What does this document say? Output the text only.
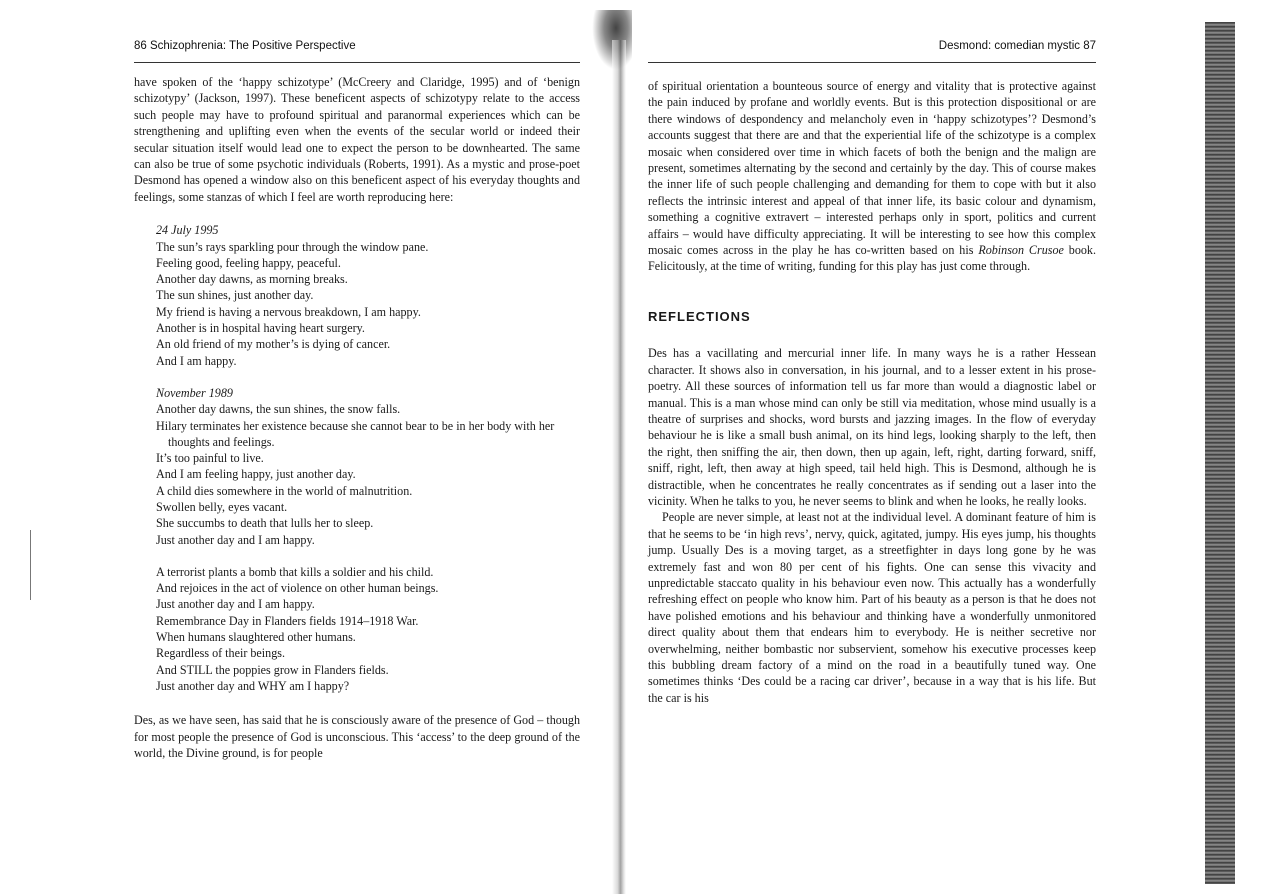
86 Schizophrenia: The Positive Perspective

have spoken of the ‘happy schizotype’ (McCreery and Claridge, 1995) and of ‘benign schizotypy’ (Jackson, 1997). These beneficent aspects of schizotypy relate to the access such people may have to profound spiritual and paranormal experiences which can be strengthening and uplifting even when the events of the secular world or indeed their secular situation itself would lead one to expect the person to be downhearted. The same can also be true of some psychotic individuals (Roberts, 1991). As a mystic and prose-poet Desmond has opened a window also on this beneficent aspect of his everyday thoughts and feelings, some stanzas of which I feel are worth reproducing here:

24 July 1995
The sun’s rays sparkling pour through the window pane.
Feeling good, feeling happy, peaceful.
Another day dawns, as morning breaks.
The sun shines, just another day.
My friend is having a nervous breakdown, I am happy.
Another is in hospital having heart surgery.
An old friend of my mother’s is dying of cancer.
And I am happy.
November 1989
Another day dawns, the sun shines, the snow falls.
Hilary terminates her existence because she cannot bear to be in her body with her thoughts and feelings.
It’s too painful to live.
And I am feeling happy, just another day.
A child dies somewhere in the world of malnutrition.
Swollen belly, eyes vacant.
She succumbs to death that lulls her to sleep.
Just another day and I am happy.
A terrorist plants a bomb that kills a soldier and his child.
And rejoices in the act of violence on other human beings.
Just another day and I am happy.
Remembrance Day in Flanders fields 1914–1918 War.
When humans slaughtered other humans.
Regardless of their beings.
And STILL the poppies grow in Flanders fields.
Just another day and WHY am I happy?

Des, as we have seen, has said that he is consciously aware of the presence of God – though for most people the presence of God is unconscious. This ‘access’ to the deep ground of the world, the Divine ground, is for people

Desmond: comedian mystic 87

of spiritual orientation a bounteous source of energy and vitality that is protective against the pain induced by profane and worldly events. But is this protection dispositional or are there windows of despondency and melancholy even in ‘happy schizotypes’? Desmond’s accounts suggest that there are and that the experiential life of the schizotype is a complex mosaic when considered over time in which facets of both the benign and the malign are present, sometimes alternating by the second and certainly by the day. This of course makes the inner life of such people challenging and demanding for them to cope with but it also reflects the intrinsic interest and appeal of that inner life, its basic colour and dynamism, something a cognitive extravert – interested perhaps only in sport, politics and current affairs – would have difficulty appreciating. It will be interesting to see how this complex mosaic comes across in the play he has co-written based on his Robinson Crusoe book. Felicitously, at the time of writing, funding for this play has just come through.

REFLECTIONS

Des has a vacillating and mercurial inner life. In many ways he is a rather Hessean character. It shows also in conversation, in his journal, and to a lesser extent in his prose-poetry. All these sources of information tell us far more than would a diagnostic label or manual. This is a man whose mind can only be still via meditation, whose mind usually is a theatre of surprises and shocks, word bursts and jazzing images. In the flow of everyday behaviour he is like a small bush animal, on its hind legs, looking sharply to the left, then the right, then sniffing the air, then down, then up again, left, right, darting forward, sniff, sniff, right, left, then away at high speed, tail held high. This is Desmond, although he is distractible, when he concentrates he really concentrates as if sending out a laser into the vicinity. When he talks to you, he never seems to blink and when he looks, he really looks.

People are never simple, at least not at the individual level. A dominant feature of him is that he seems to be ‘in high revs’, nervy, quick, agitated, jumpy. His eyes jump, his thoughts jump. Usually Des is a moving target, as a streetfighter in days long gone by he was extremely fast and won 80 per cent of his fights. One can sense this vivacity and unpredictable staccato quality in his behaviour even now. This actually has a wonderfully refreshing effect on people who know him. Part of his beauty as a person is that he does not have polished emotions and his behaviour and thinking have a wonderfully unmonitored direct quality about them that endears him to everybody. He is neither secretive nor overwhelming, neither bombastic nor subservient, somehow his executive processes keep this bubbling dream factory of a mind on the road in a beautifully tuned way. One sometimes thinks ‘Des could be a racing car driver’, because in a way that is his life. But the car is his
